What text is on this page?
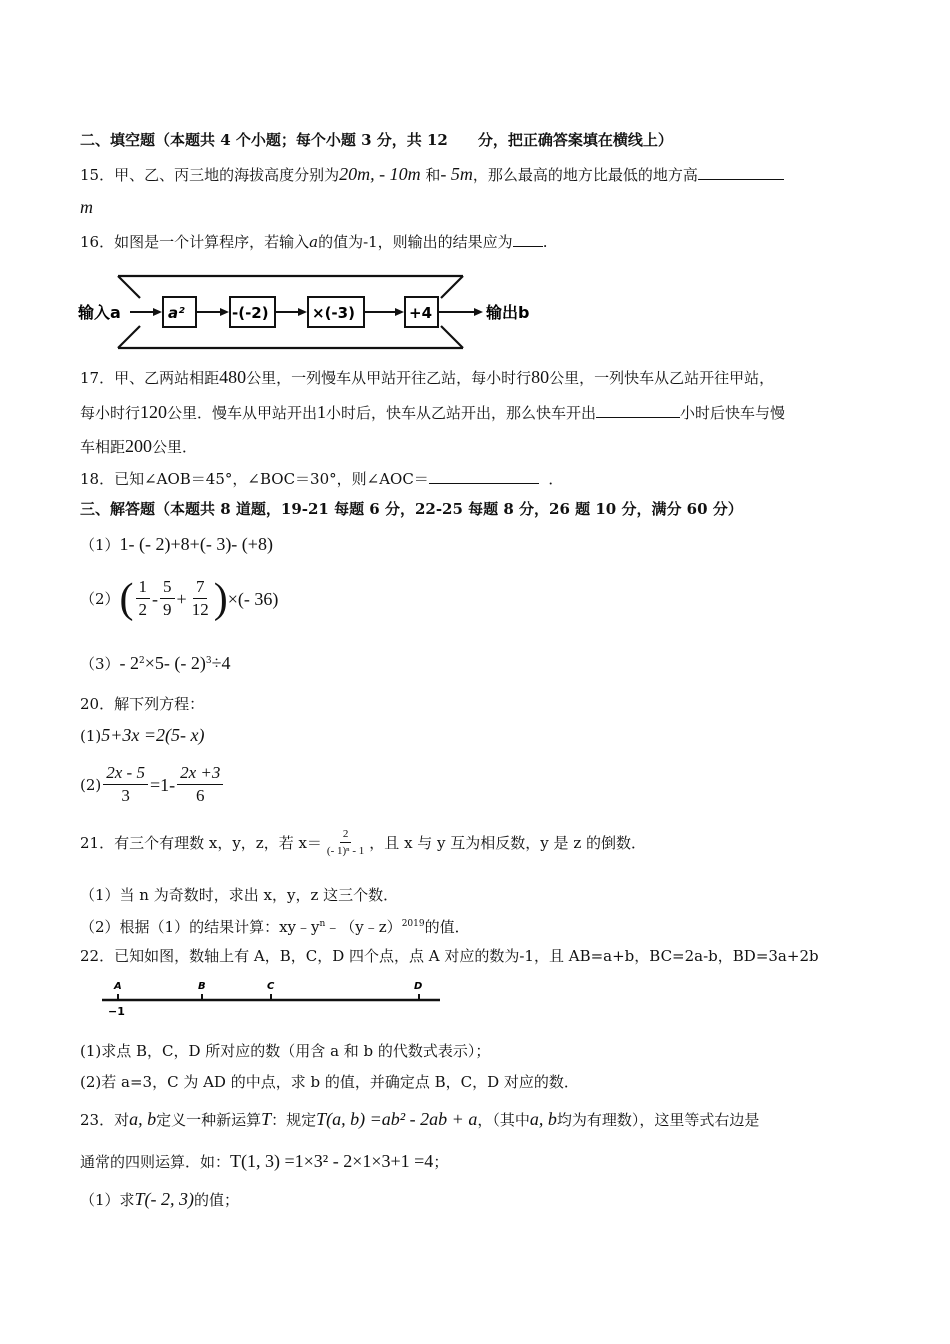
二、填空题（本题共 4 个小题；每个小题 3 分，共 12　　分，把正确答案填在横线上）
15．甲、乙、丙三地的海拔高度分别为20m, - 10m 和- 5m，那么最高的地方比最低的地方高
m
16．如图是一个计算程序，若输入a的值为-1，则输出的结果应为 .
输入a	a²	-(-2)	×(-3)	+4	输出b
17．甲、乙两站相距480公里，一列慢车从甲站开往乙站，每小时行80公里，一列快车从乙站开往甲站，
每小时行120公里．慢车从甲站开出1小时后，快车从乙站开出，那么快车开出	小时后快车与慢
车相距200公里．
18．已知∠AOB＝45°，∠BOC＝30°，则∠AOC＝	．
三、解答题（本题共 8 道题，19-21 每题 6 分，22-25 每题 8 分，26 题 10 分，满分 60 分）
（1）1- (- 2)+8+(- 3)- (+8)
（2） ( $\frac{1}{2} - \frac{5}{9} + \frac{7}{12}$ ) ×(- 36)
（3）- $2^2\times 5-$ (- 2)$^3$÷4
20．解下列方程：
(1)5+3x =2(5- x)
$(2) \frac{2x - 5}{3} =1- \frac{2x +3}{6}$
21．有三个有理数 x，y，z，若 $x= \frac{2}{\text{(- 1)ⁿ - 1}}$ ，且 x 与 y 互为相反数，y 是 z 的倒数．
（1）当 n 为奇数时，求出 x，y，z 这三个数．
（2）根据（1）的结果计算：$xy﹣y^n﹣(y﹣z)^{2019}$的值．
22．已知如图，数轴上有 A，B，C，D 四个点，点 A 对应的数为-1，且 AB=a+b，BC=2a-b，BD=3a+2b
A	B	C	D
−1
(1)求点 B，C，D 所对应的数（用含 a 和 b 的代数式表示）；
(2)若 a=3，C 为 AD 的中点，求 b 的值，并确定点 B，C，D 对应的数．
23．对a, b定义一种新运算T：规定T(a, b) =ab² - 2ab + a，（其中a, b均为有理数），这里等式右边是
通常的四则运算．如：T(1, 3) =1×3² - 2×1×3+1 =4；
（1）求T(- 2, 3)的值；
